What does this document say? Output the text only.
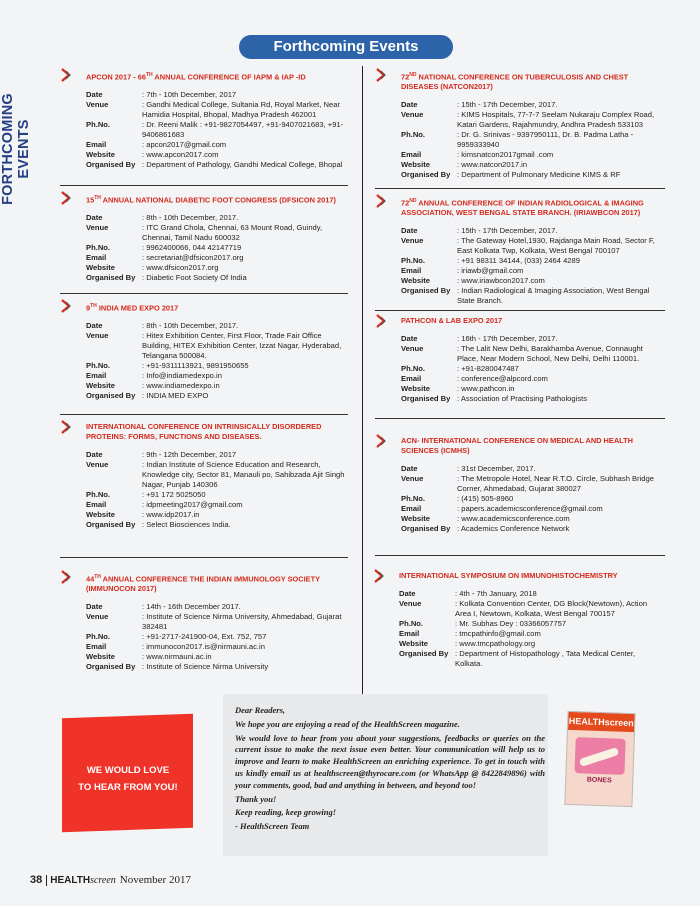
FORTHCOMING EVENTS
Forthcoming Events
APCON 2017 - 66TH ANNUAL CONFERENCE OF IAPM & IAP -ID
Date	: 7th - 10th December, 2017
Venue	: Gandhi Medical College, Sultania Rd, Royal Market, Near Hamidia Hospital, Bhopal, Madhya Pradesh 462001
Ph.No.	: Dr. Reeni Malik : +91-9827054497, +91-9407021683, +91-9406861683
Email	: apcon2017@gmail.com
Website	: www.apcon2017.com
Organised By	: Department of Pathology, Gandhi Medical College, Bhopal
15TH ANNUAL NATIONAL DIABETIC FOOT CONGRESS (DFSICON 2017)
Date	: 8th - 10th December, 2017.
Venue	: ITC Grand Chola, Chennai, 63 Mount Road, Guindy, Chennai, Tamil Nadu 600032
Ph.No.	: 9962400066, 044 42147719
Email	: secretariat@dfsicon2017.org
Website	: www.dfsicon2017.org
Organised By	: Diabetic Foot Society Of India
9TH INDIA MED EXPO 2017
Date	: 8th - 10th December, 2017.
Venue	: Hitex Exhibition Center, First Floor, Trade Fair Office Building, HITEX Exhibition Center, Izzat Nagar, Hyderabad, Telangana 500084.
Ph.No.	: +91-9311113921, 9891950655
Email	: Info@indiamedexpo.in
Website	: www.indiamedexpo.in
Organised By	: INDIA MED EXPO
INTERNATIONAL CONFERENCE ON INTRINSICALLY DISORDERED PROTEINS: FORMS, FUNCTIONS AND DISEASES.
Date	: 9th - 12th December, 2017
Venue	: Indian Institute of Science Education and Research, Knowledge city, Sector 81, Manauli po, Sahibzada Ajit Singh Nagar, Punjab 140306
Ph.No.	: +91 172 5025050
Email	: idpmeeting2017@gmail.com
Website	: www.idp2017.in
Organised By	: Select Biosciences India.
44TH ANNUAL CONFERENCE THE INDIAN IMMUNOLOGY SOCIETY (IMMUNOCON 2017)
Date	: 14th - 16th December 2017.
Venue	: Institute of Science Nirma University, Ahmedabad, Gujarat 382481
Ph.No.	: +91-2717-241900-04, Ext. 752, 757
Email	: immunocon2017.is@nirmauni.ac.in
Website	: www.nirmauni.ac.in
Organised By	: Institute of Science Nirma University
72ND NATIONAL CONFERENCE ON TUBERCULOSIS AND CHEST DISEASES (NATCON2017)
Date	: 15th - 17th December, 2017.
Venue	: KIMS Hospitals, 77-7-7 Seelam Nukaraju Complex Road, Katari Gardens, Rajahmundry, Andhra Pradesh 533103
Ph.No.	: Dr. G. Srinivas - 9397950111, Dr. B. Padma Latha - 9959333940
Email	: kimsnatcon2017gmail .com
Website	: www.natcon2017.in
Organised By	: Department of Pulmonary Medicine KIMS & RF
72ND ANNUAL CONFERENCE OF INDIAN RADIOLOGICAL & IMAGING ASSOCIATION, WEST BENGAL STATE BRANCH. (IRIAWBCON 2017)
Date	: 15th - 17th December, 2017.
Venue	: The Gateway Hotel,1930, Rajdanga Main Road, Sector F, East Kolkata Twp, Kolkata, West Bengal 700107
Ph.No.	: +91 98311 34144, (033) 2464 4289
Email	: iriawb@gmail.com
Website	: www.iriawbcon2017.com
Organised By	: Indian Radiological & Imaging Association, West Bengal State Branch.
PATHCON & LAB EXPO 2017
Date	: 16th - 17th December, 2017.
Venue	: The Lalit New Delhi, Barakhamba Avenue, Connaught Place, Near Modern School, New Delhi, Delhi 110001.
Ph.No.	: +91-8280047487
Email	: conference@alpcord.com
Website	: www.pathcon.in
Organised By	: Association of Practising Pathologists
ACN- INTERNATIONAL CONFERENCE ON MEDICAL AND HEALTH SCIENCES (ICMHS)
Date	: 31st December, 2017.
Venue	: The Metropole Hotel, Near R.T.O. Circle, Subhash Bridge Corner, Ahmedabad, Gujarat 380027
Ph.No.	: (415) 505-8960
Email	: papers.academicsconference@gmail.com
Website	: www.academicsconference.com
Organised By	: Academics Conference Network
INTERNATIONAL SYMPOSIUM ON IMMUNOHISTOCHEMISTRY
Date	: 4th - 7th January, 2018
Venue	: Kolkata Convention Center, DG Block(Newtown), Action Area I, Newtown, Kolkata, West Bengal 700157
Ph.No.	: Mr. Subhas Dey : 03366057757
Email	: tmcpathinfo@gmail.com
Website	: www.tmcpathology.org
Organised By	: Department of Histopathology , Tata Medical Center, Kolkata.
WE WOULD LOVE
TO HEAR FROM YOU!

Dear Readers,

We hope you are enjoying a read of the HealthScreen magazine.

We would love to hear from you about your suggestions, feedbacks or queries on the current issue to make the next issue even better. Your communication will help us to improve and learn to make HealthScreen an enriching experience. To get in touch with us kindly email us at healthscreen@thyrocare.com (or WhatsApp @ 8422849896) with your comments, good, bad and anything in between, and beyond too!

Thank you!

Keep reading, keep growing!

- HealthScreen Team

HEALTHscreen
BONES
38 HEALTHscreen November 2017
